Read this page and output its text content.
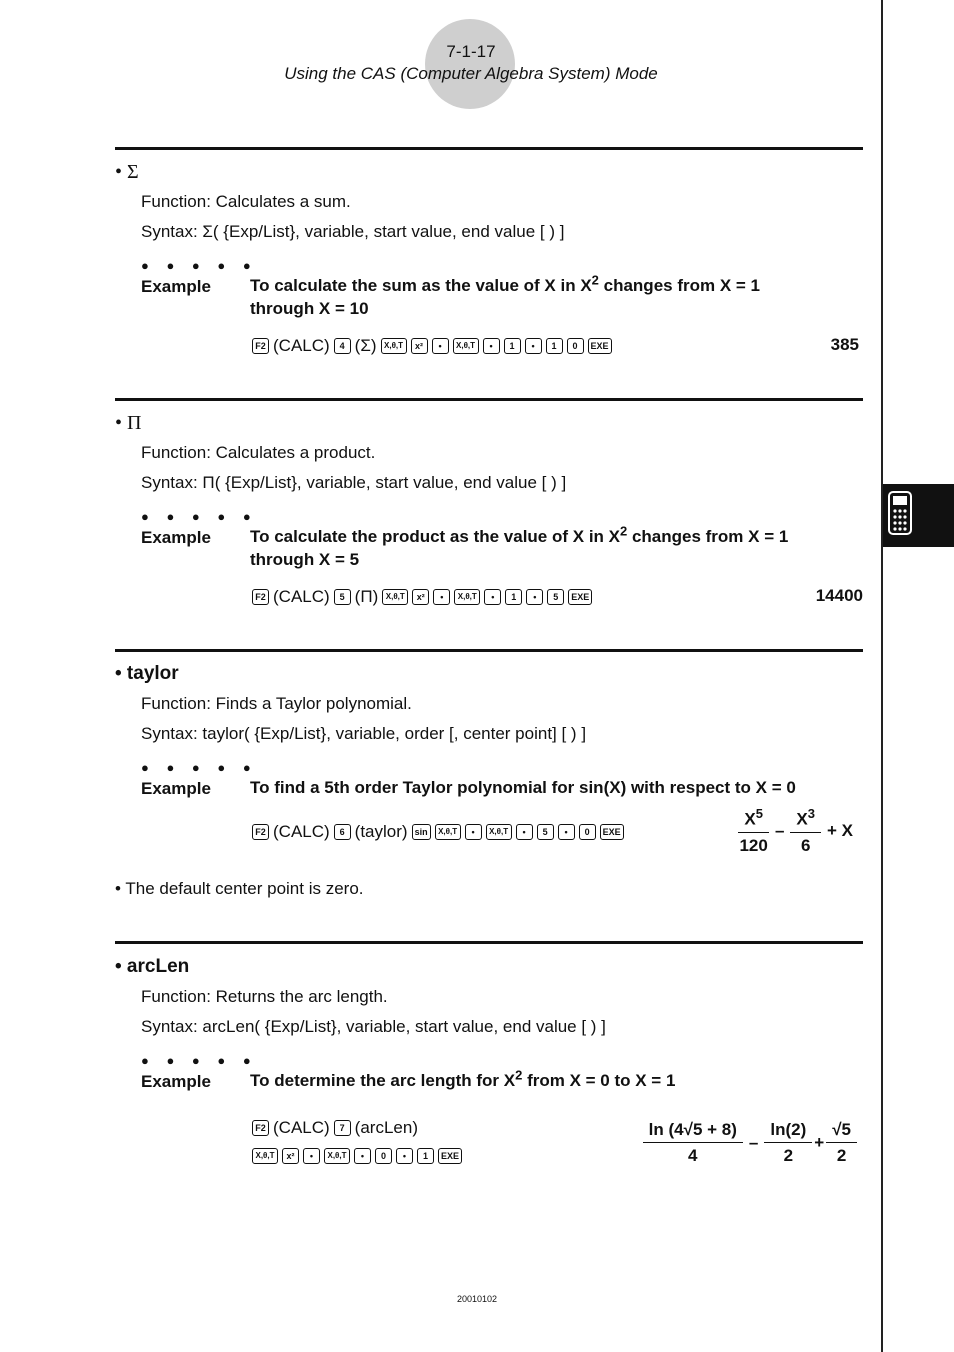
7-1-17
Using the CAS (Computer Algebra System) Mode
• Σ
Function: Calculates a sum.
Syntax: Σ( {Exp/List}, variable, start value, end value [ ) ]
● ● ● ● ●
Example To calculate the sum as the value of X in $X^2$ changes from X = 1
through X = 10
F2 (CALC)	4 (Σ) X,θ,T	x²	•	X,θ,T	•	1	•	1	0	EXE	385
• Π
Function: Calculates a product.
Syntax: Π( {Exp/List}, variable, start value, end value [ ) ]
● ● ● ● ●
Example To calculate the product as the value of X in $X^2$ changes from X = 1
through X = 5
F2 (CALC)	5 (Π) X,θ,T	x²	•	X,θ,T	•	1	•	5	EXE	14400
• taylor
Function: Finds a Taylor polynomial.
Syntax: taylor( {Exp/List}, variable, order [, center point] [ ) ]
● ● ● ● ●
Example To find a 5th order Taylor polynomial for sin(X) with respect to X = 0
F2 (CALC)	6 (taylor) sin	X,θ,T	•	X,θ,T	•	5	•	0	EXE	$\frac{X^5}{120} - \frac{X^3}{6} + X$
• The default center point is zero.
• arcLen
Function: Returns the arc length.
Syntax: arcLen( {Exp/List}, variable, start value, end value [ ) ]
● ● ● ● ●
Example To determine the arc length for $X^2$ from X = 0 to X = 1
F2 (CALC)	7 (arcLen)
X,θ,T	x²	•	X,θ,T	•	0	•	1	EXE	$\frac{\ln (4√5 + 8)}{4} - \frac{\ln(2)}{2} + \frac{√5}{2}$
20010102
